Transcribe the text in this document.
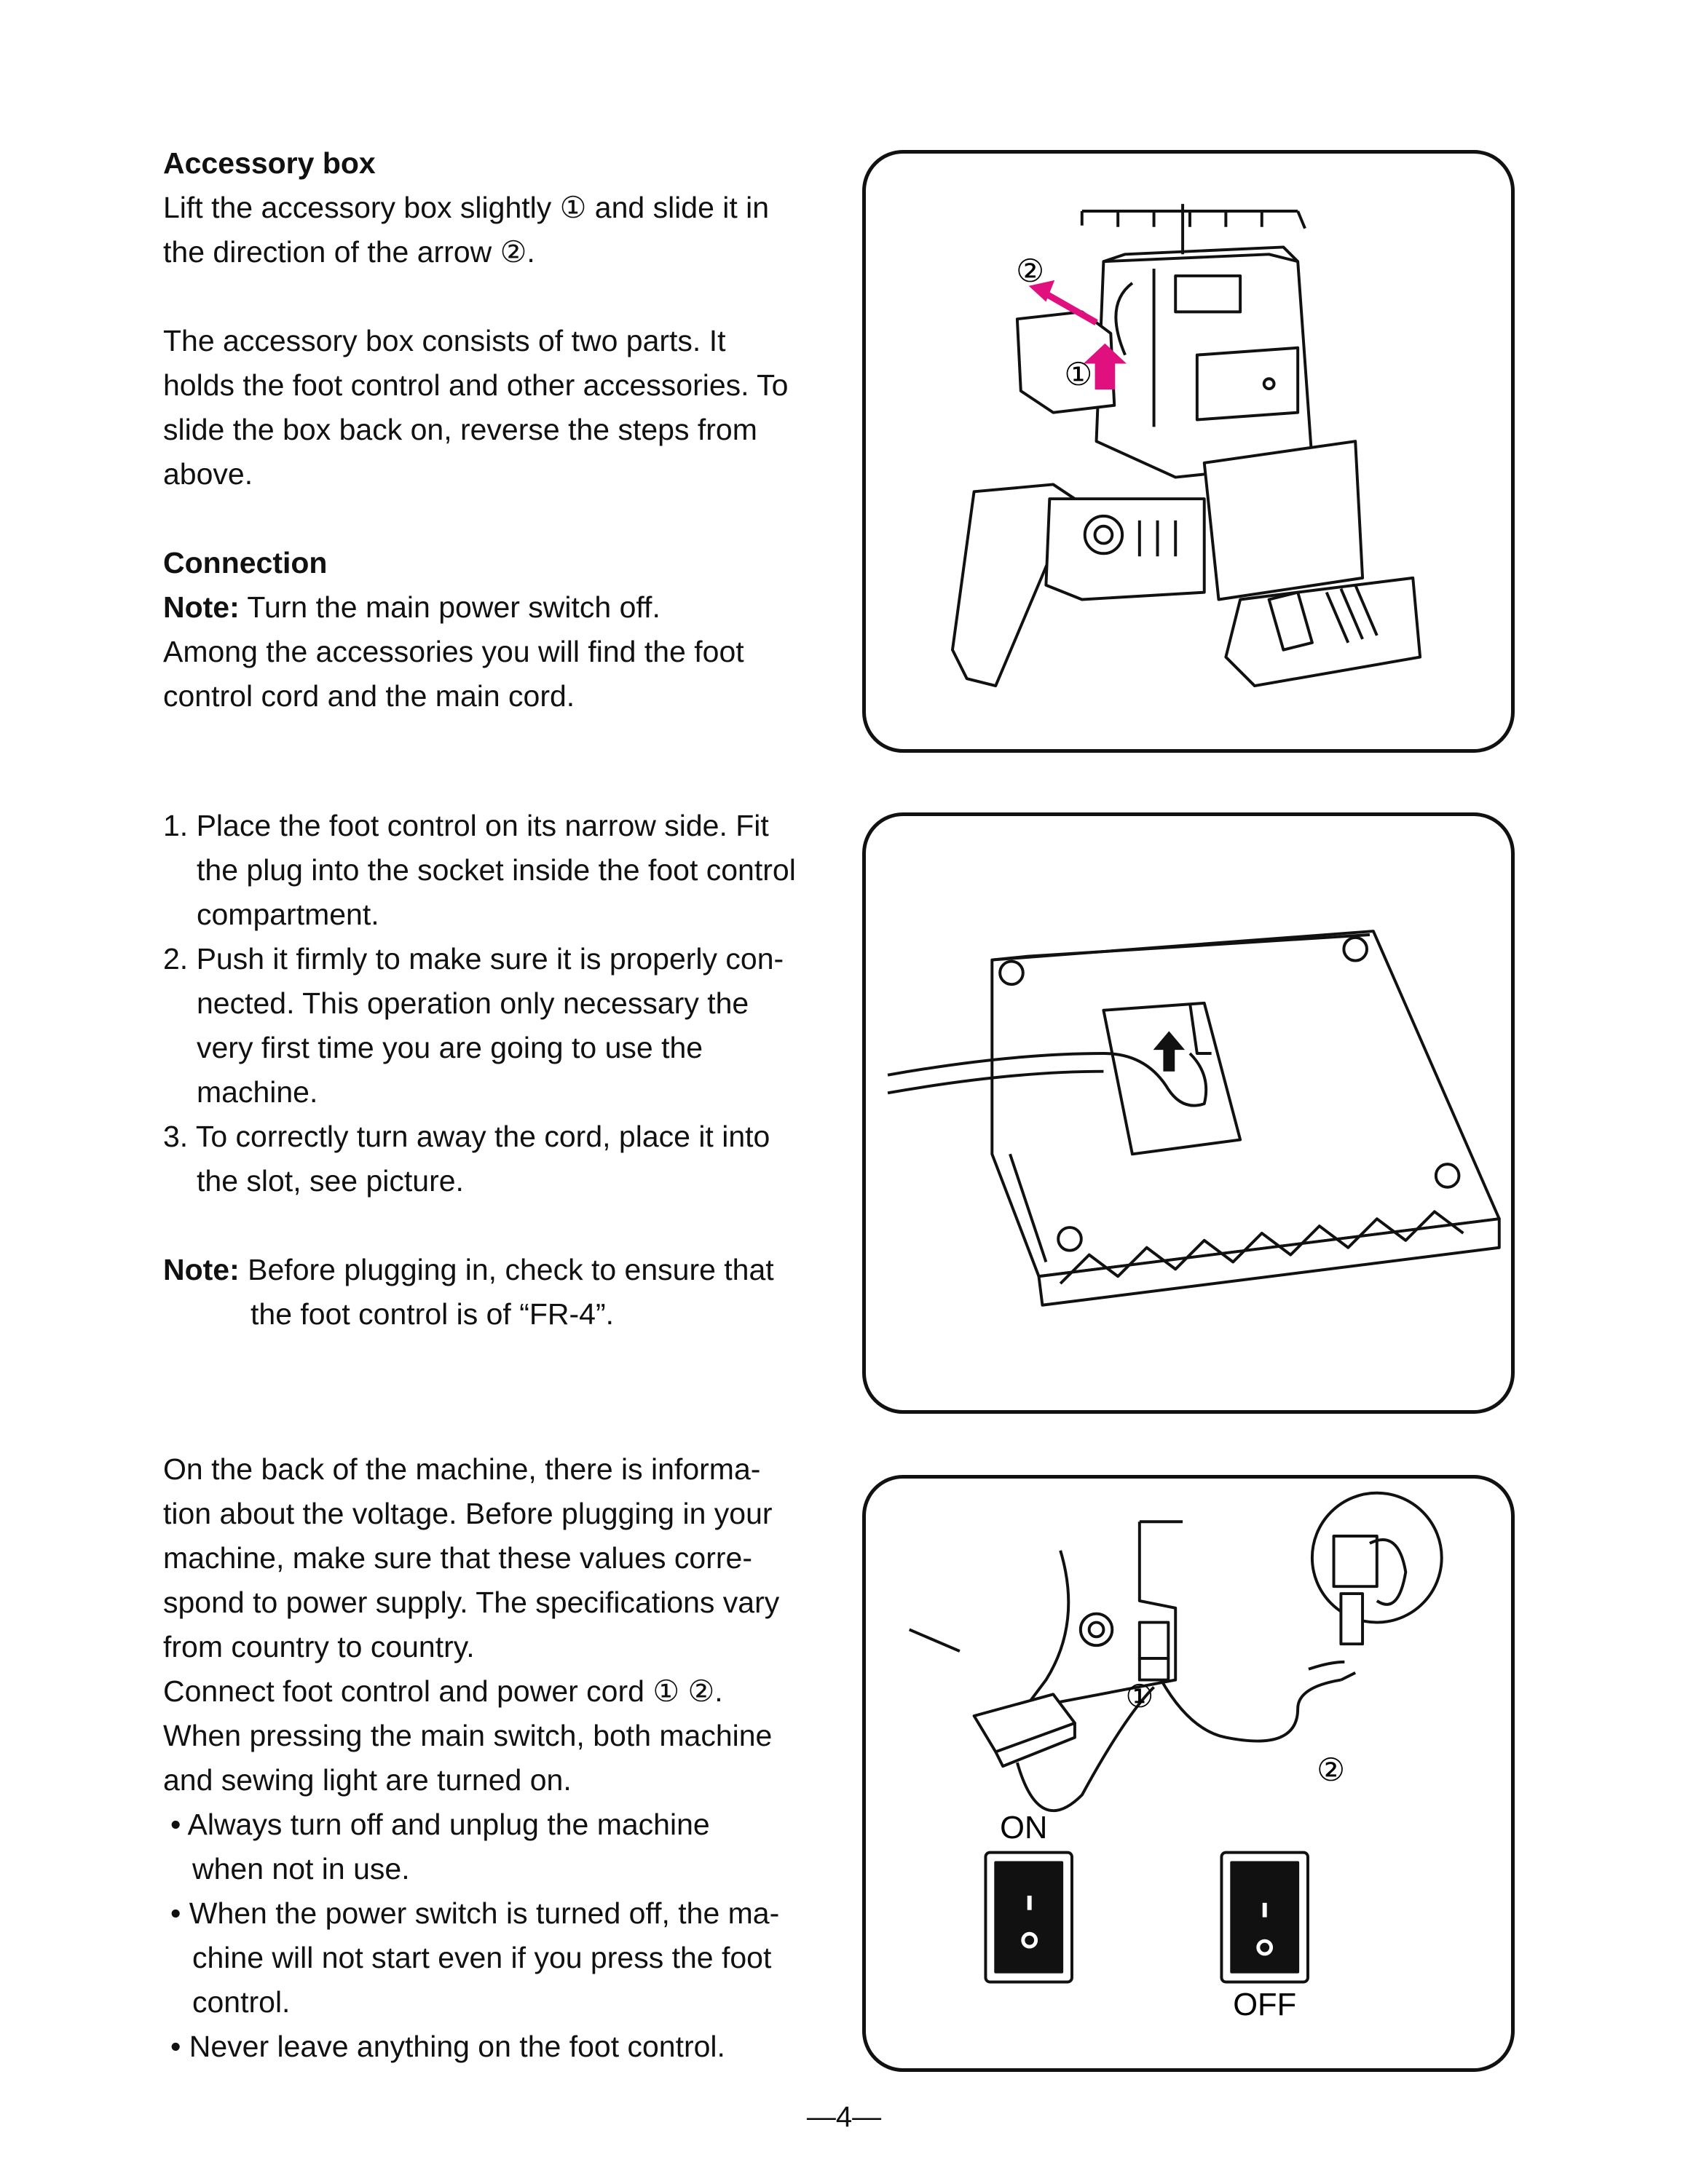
Accessory box

Lift the accessory box slightly ① and slide it in

the direction of the arrow ②.

The accessory box consists of two parts. It

holds the foot control and other accessories. To

slide the box back on, reverse the steps from

above.

Connection

Note: Turn the main power switch off.

Among the accessories you will find the foot

control cord and the main cord.

1. Place the foot control on its narrow side. Fit
the plug into the socket inside the foot control
compartment.
2. Push it firmly to make sure it is properly con-
nected. This operation only necessary the
very first time you are going to use the
machine.
3. To correctly turn away the cord, place it into
the slot, see picture.

Note: Before plugging in, check to ensure that

the foot control is of “FR-4”.

On the back of the machine, there is informa-

tion about the voltage. Before plugging in your

machine, make sure that these values corre-

spond to power supply. The specifications vary

from country to country.

Connect foot control and power cord ① ②.

When pressing the main switch, both machine

and sewing light are turned on.

• Always turn off and unplug the machine
when not in use.
• When the power switch is turned off, the ma-
chine will not start even if you press the foot
control.
• Never leave anything on the foot control.
②
①
①
②
ON
OFF
—4—
